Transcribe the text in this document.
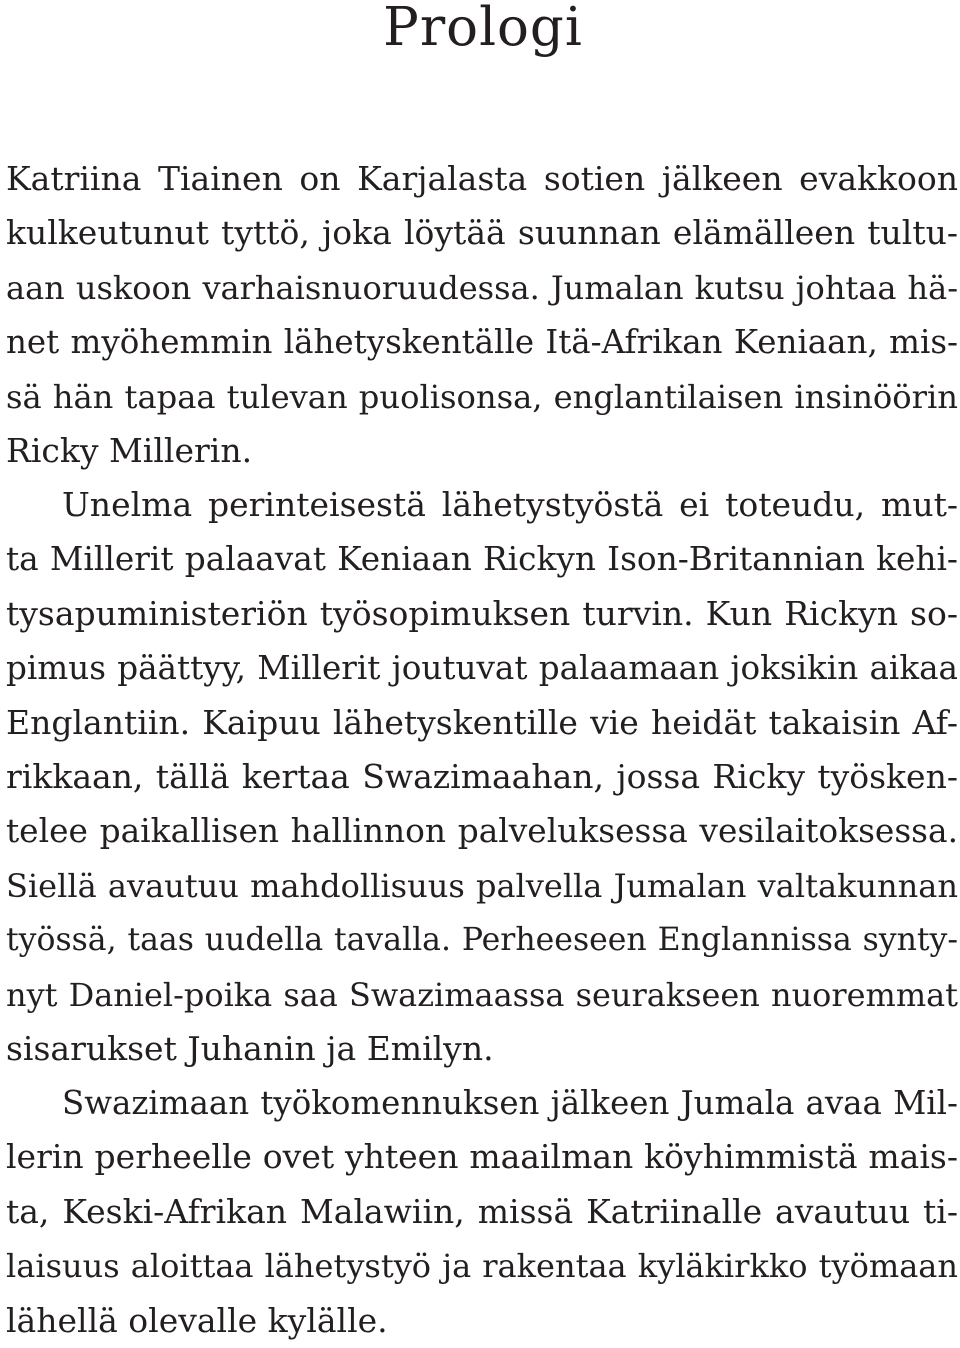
Prologi
Katriina Tiainen on Karjalasta sotien jälkeen evakkoon
kulkeutunut tyttö, joka löytää suunnan elämälleen tultu-
aan uskoon varhaisnuoruudessa. Jumalan kutsu johtaa hä-
net myöhemmin lähetyskentälle Itä-Afrikan Keniaan, mis-
sä hän tapaa tulevan puolisonsa, englantilaisen insinöörin
Ricky Millerin.
Unelma perinteisestä lähetystyöstä ei toteudu, mut-
ta Millerit palaavat Keniaan Rickyn Ison-Britannian kehi-
tysapuministeriön työsopimuksen turvin. Kun Rickyn so-
pimus päättyy, Millerit joutuvat palaamaan joksikin aikaa
Englantiin. Kaipuu lähetyskentille vie heidät takaisin Af-
rikkaan, tällä kertaa Swazimaahan, jossa Ricky työsken-
telee paikallisen hallinnon palveluksessa vesilaitoksessa.
Siellä avautuu mahdollisuus palvella Jumalan valtakunnan
työssä, taas uudella tavalla. Perheeseen Englannissa synty-
nyt Daniel-poika saa Swazimaassa seurakseen nuoremmat
sisarukset Juhanin ja Emilyn.
Swazimaan työkomennuksen jälkeen Jumala avaa Mil-
lerin perheelle ovet yhteen maailman köyhimmistä mais-
ta, Keski-Afrikan Malawiin, missä Katriinalle avautuu ti-
laisuus aloittaa lähetystyö ja rakentaa kyläkirkko työmaan
lähellä olevalle kylälle.
